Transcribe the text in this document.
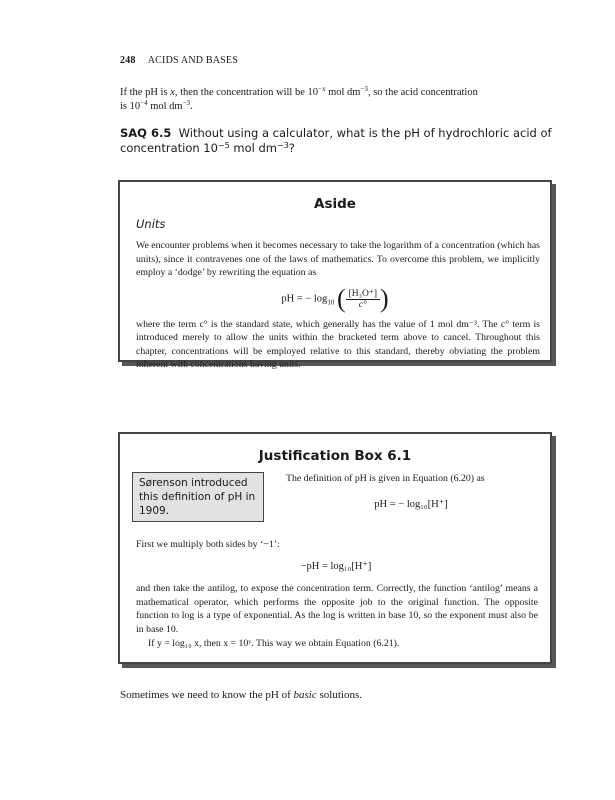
248 ACIDS AND BASES
If the pH is x, then the concentration will be $10^{-x}$ mol $dm^{-3}$, so the acid concentration
is $10^{-4}$ mol $dm^{-3}$.
SAQ 6.5 Without using a calculator, what is the pH of hydrochloric acid of concentration $10^{-5}$ mol $dm^{-3}$?
Aside
Units

We encounter problems when it becomes necessary to take the logarithm of a concentration (which has units), since it contravenes one of the laws of mathematics. To overcome this problem, we implicitly employ a ‘dodge’ by rewriting the equation as

pH = − $\log_{10}$ ( $\frac{\text{[H₃O⁺]}}{c^\circ}$ )

where the term c° is the standard state, which generally has the value of 1 mol dm⁻³. The c° term is introduced merely to allow the units within the bracketed term above to cancel. Throughout this chapter, concentrations will be employed relative to this standard, thereby obviating the problem inherent with concentrations having units.

Justification Box 6.1
Sørenson introduced this definition of pH in 1909.

The definition of pH is given in Equation (6.20) as

pH = − log₁₀[H⁺]

First we multiply both sides by ‘−1’:

−pH = log₁₀[H⁺]

and then take the antilog, to expose the concentration term. Correctly, the function ‘antilog’ means a mathematical operator, which performs the opposite job to the original function. The opposite function to log is a type of exponential. As the log is written in base 10, so the exponent must also be in base 10.

If y = log₁₀ x, then x = 10ʸ. This way we obtain Equation (6.21).

Sometimes we need to know the pH of basic solutions.
